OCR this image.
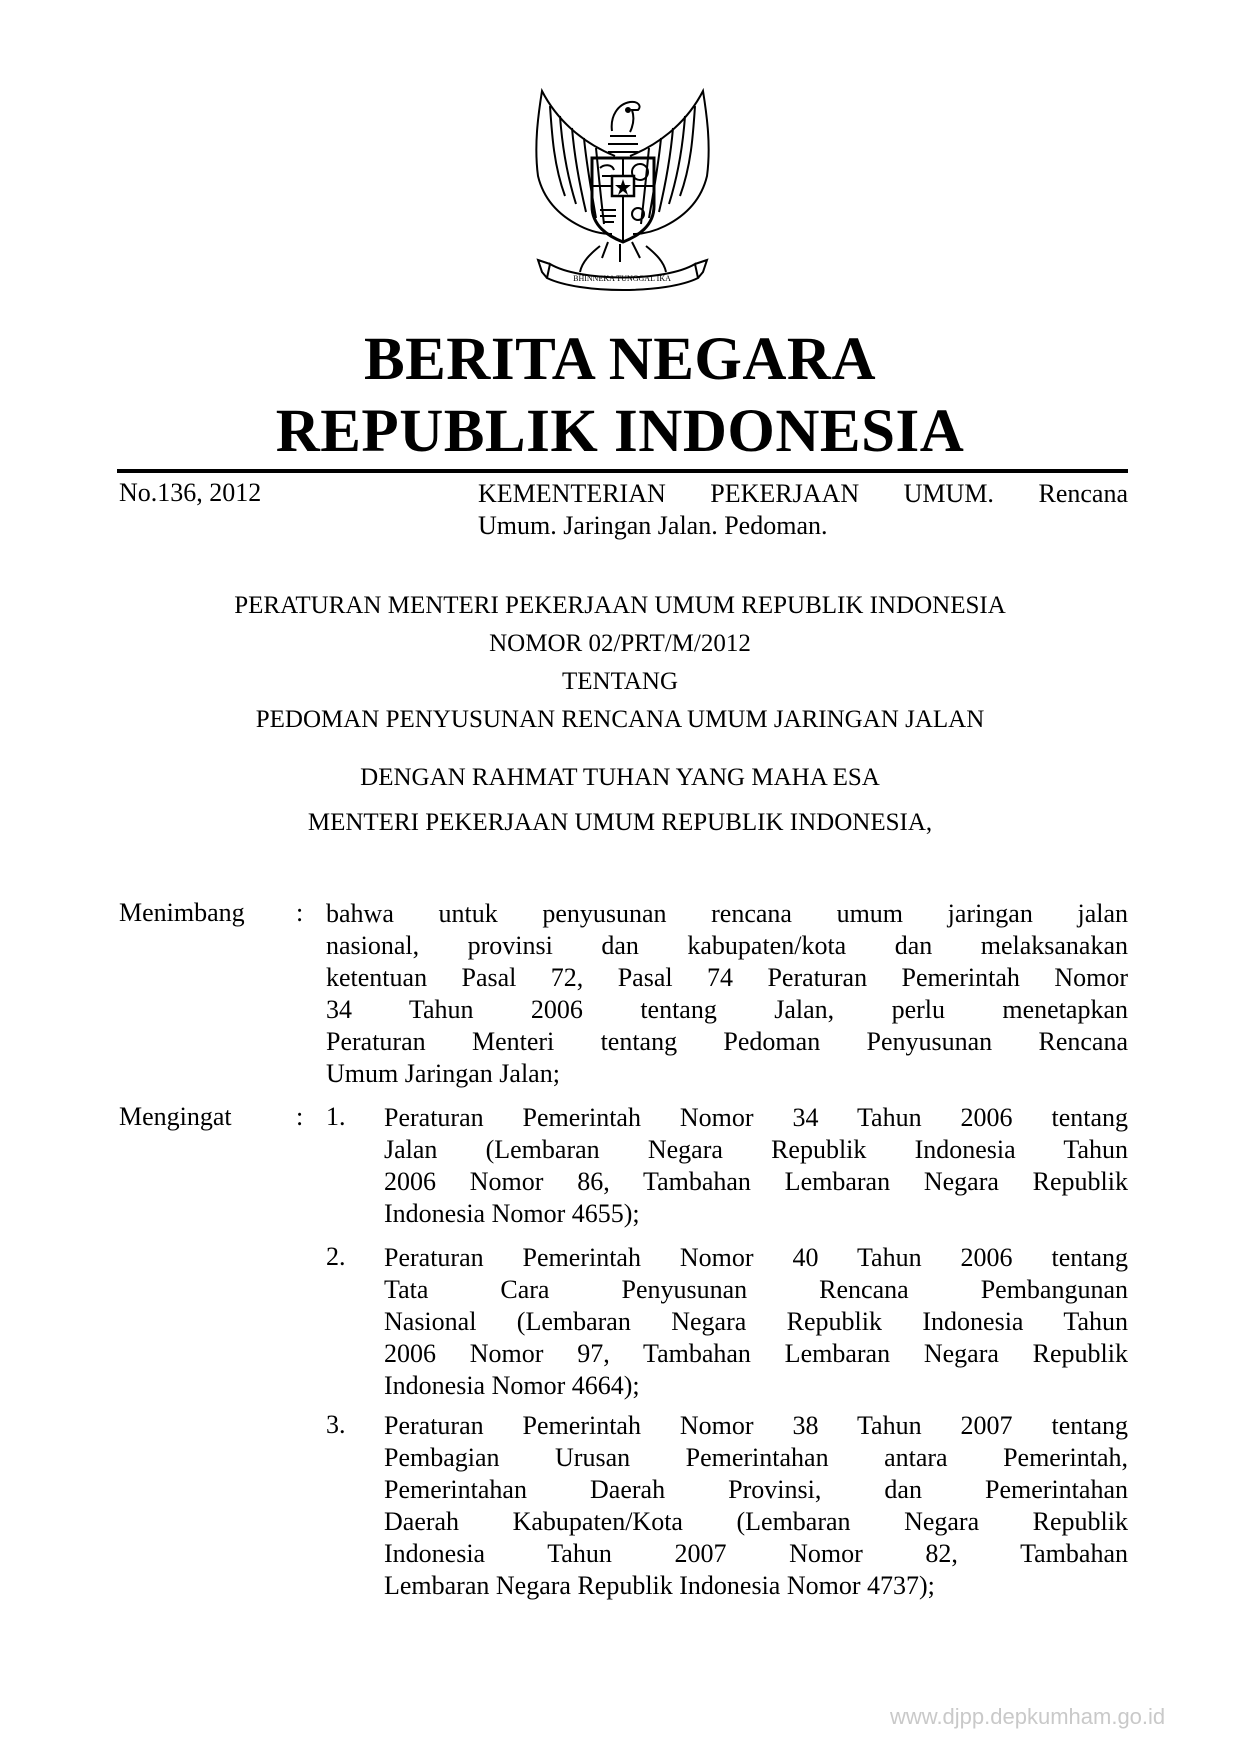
BHINNEKA TUNGGAL IKA
BERITA NEGARA
REPUBLIK INDONESIA
No.136, 2012	KEMENTERIAN PEKERJAAN UMUM. Rencana
Umum. Jaringan Jalan. Pedoman.
PERATURAN MENTERI PEKERJAAN UMUM REPUBLIK INDONESIA
NOMOR 02/PRT/M/2012
TENTANG
PEDOMAN PENYUSUNAN RENCANA UMUM JARINGAN JALAN
DENGAN RAHMAT TUHAN YANG MAHA ESA
MENTERI PEKERJAAN UMUM REPUBLIK INDONESIA,
Menimbang : bahwa untuk penyusunan rencana umum jaringan jalan
nasional, provinsi dan kabupaten/kota dan melaksanakan
ketentuan Pasal 72, Pasal 74 Peraturan Pemerintah Nomor
34 Tahun 2006 tentang Jalan, perlu menetapkan
Peraturan Menteri tentang Pedoman Penyusunan Rencana
Umum Jaringan Jalan;
Mengingat : 1. Peraturan Pemerintah Nomor 34 Tahun 2006 tentang
Jalan (Lembaran Negara Republik Indonesia Tahun
2006 Nomor 86, Tambahan Lembaran Negara Republik
Indonesia Nomor 4655);
2. Peraturan Pemerintah Nomor 40 Tahun 2006 tentang
Tata Cara Penyusunan Rencana Pembangunan
Nasional (Lembaran Negara Republik Indonesia Tahun
2006 Nomor 97, Tambahan Lembaran Negara Republik
Indonesia Nomor 4664);
3. Peraturan Pemerintah Nomor 38 Tahun 2007 tentang
Pembagian Urusan Pemerintahan antara Pemerintah,
Pemerintahan Daerah Provinsi, dan Pemerintahan
Daerah Kabupaten/Kota (Lembaran Negara Republik
Indonesia Tahun 2007 Nomor 82, Tambahan
Lembaran Negara Republik Indonesia Nomor 4737);
www.djpp.depkumham.go.id
